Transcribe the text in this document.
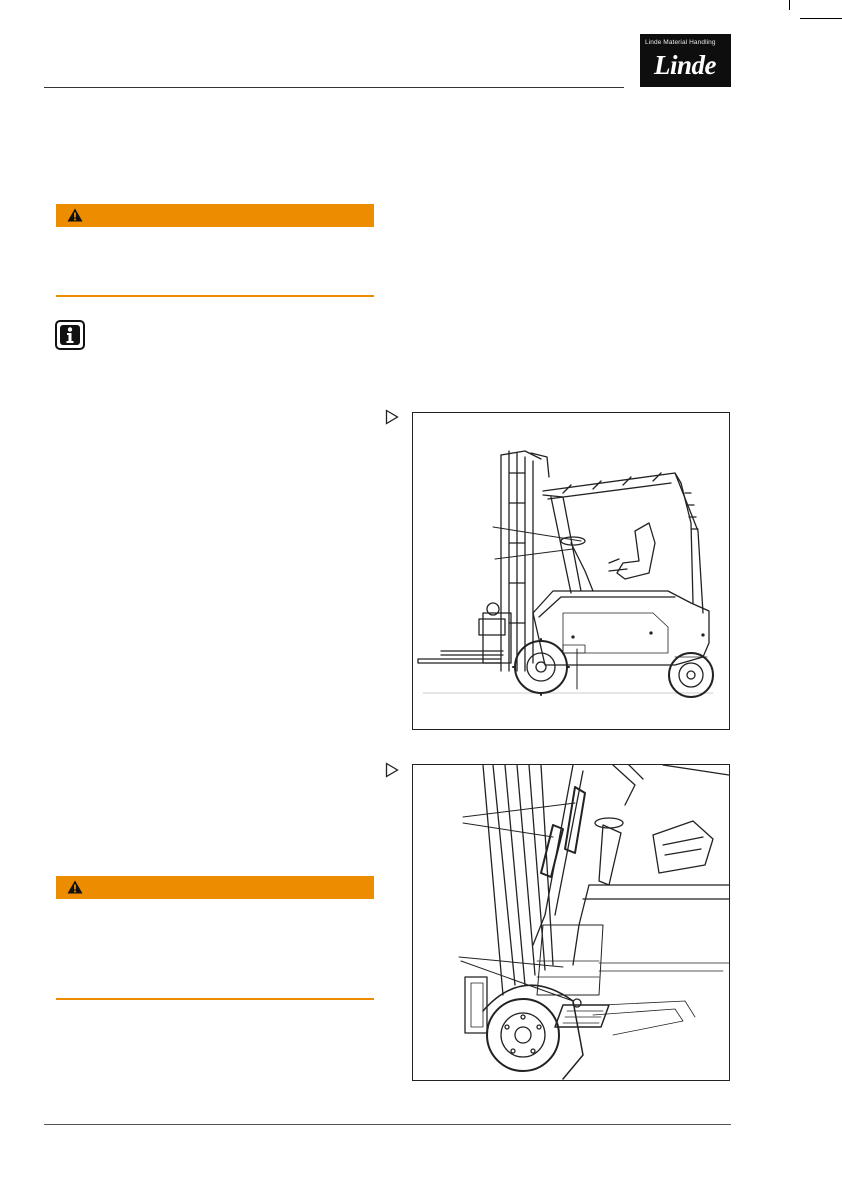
Linde Material Handling
Linde
